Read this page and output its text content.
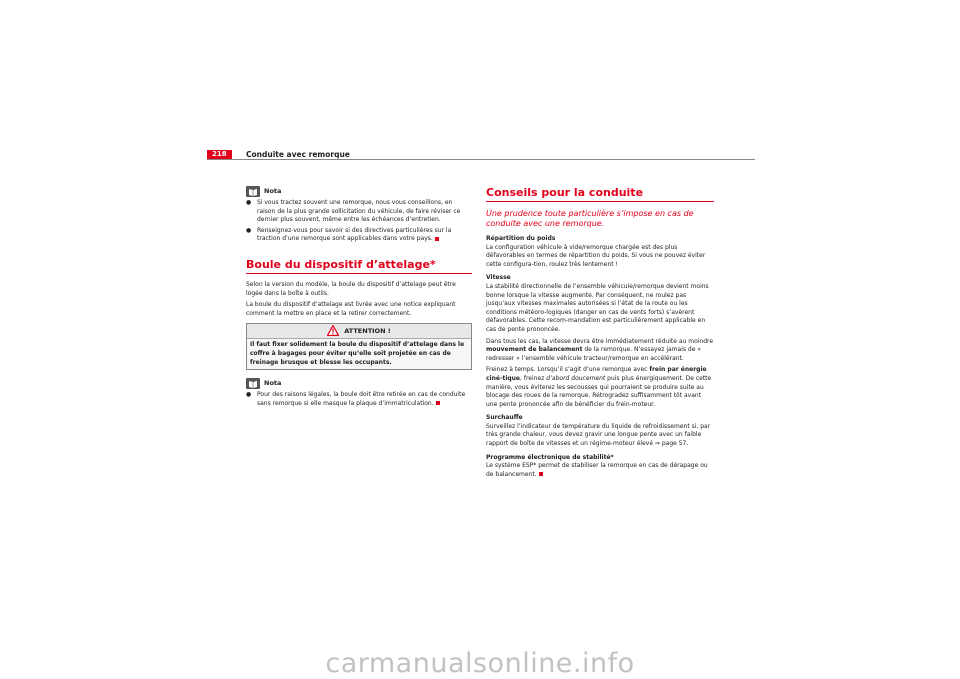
218	Conduite avec remorque
Nota
● Si vous tractez souvent une remorque, nous vous conseillons, en raison de la plus grande sollicitation du véhicule, de faire réviser ce dernier plus souvent, même entre les échéances d’entretien.
● Renseignez-vous pour savoir si des directives particulières sur la traction d’une remorque sont applicables dans votre pays.
Boule du dispositif d’attelage*

Selon la version du modèle, la boule du dispositif d’attelage peut être logée dans la boîte à outils.

La boule du dispositif d’attelage est livrée avec une notice expliquant comment la mettre en place et la retirer correctement.

ATTENTION !
Il faut fixer solidement la boule du dispositif d’attelage dans le coffre à bagages pour éviter qu’elle soit projetée en cas de freinage brusque et blesse les occupants.
Nota
● Pour des raisons légales, la boule doit être retirée en cas de conduite sans remorque si elle masque la plaque d’immatriculation.
Conseils pour la conduite
Une prudence toute particulière s’impose en cas de conduite avec une remorque.

Répartition du poids

La configuration véhicule à vide/remorque chargée est des plus défavorables en termes de répartition du poids. Si vous ne pouvez éviter cette configura-tion, roulez très lentement !

Vitesse

La stabilité directionnelle de l’ensemble véhicule/remorque devient moins bonne lorsque la vitesse augmente. Par conséquent, ne roulez pas jusqu’aux vitesses maximales autorisées si l’état de la route ou les conditions météoro-logiques (danger en cas de vents forts) s’avèrent défavorables. Cette recom-mandation est particulièrement applicable en cas de pente prononcée.

Dans tous les cas, la vitesse devra être immédiatement réduite au moindre mouvement de balancement de la remorque. N’essayez jamais de « redresser » l’ensemble véhicule tracteur/remorque en accélérant.

Freinez à temps. Lorsqu’il s’agit d’une remorque avec frein par énergie ciné-tique, freinez d’abord doucement puis plus énergiquement. De cette manière, vous éviterez les secousses qui pourraient se produire suite au blocage des roues de la remorque. Rétrogradez suffisamment tôt avant une pente prononcée afin de bénéficier du frein-moteur.

Surchauffe

Surveillez l’indicateur de température du liquide de refroidissement si, par très grande chaleur, vous devez gravir une longue pente avec un faible rapport de boîte de vitesses et un régime-moteur élevé ⇒ page 57.

Programme électronique de stabilité*

Le système ESP* permet de stabiliser la remorque en cas de dérapage ou de balancement.

carmanualsonline.info
